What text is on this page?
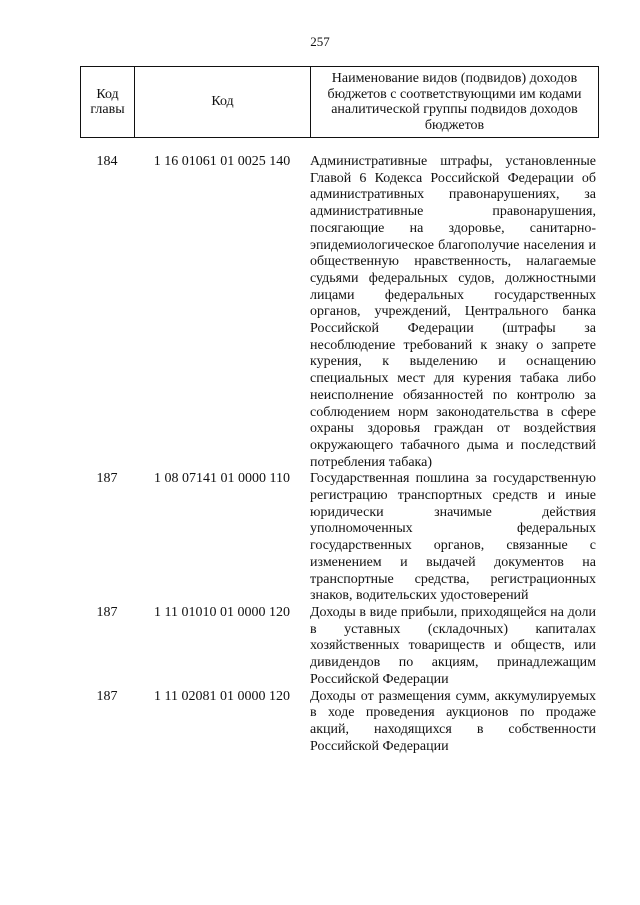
257
Код главы	Код	Наименование видов (подвидов) доходов бюджетов с соответствующими им кодами аналитической группы подвидов доходов бюджетов
184	1 16 01061 01 0025 140	Административные штрафы, установленные Главой 6 Кодекса Российской Федерации об административных правонарушениях, за административные правонарушения, посягающие на здоровье, санитарно-эпидемиологическое благополучие населения и общественную нравственность, налагаемые судьями федеральных судов, должностными лицами федеральных государственных органов, учреждений, Центрального банка Российской Федерации (штрафы за несоблюдение требований к знаку о запрете курения, к выделению и оснащению специальных мест для курения табака либо неисполнение обязанностей по контролю за соблюдением норм законодательства в сфере охраны здоровья граждан от воздействия окружающего табачного дыма и последствий потребления табака)
187	1 08 07141 01 0000 110	Государственная пошлина за государственную регистрацию транспортных средств и иные юридически значимые действия уполномоченных федеральных государственных органов, связанные с изменением и выдачей документов на транспортные средства, регистрационных знаков, водительских удостоверений
187	1 11 01010 01 0000 120	Доходы в виде прибыли, приходящейся на доли в уставных (складочных) капиталах хозяйственных товариществ и обществ, или дивидендов по акциям, принадлежащим Российской Федерации
187	1 11 02081 01 0000 120	Доходы от размещения сумм, аккумулируемых в ходе проведения аукционов по продаже акций, находящихся в собственности Российской Федерации
